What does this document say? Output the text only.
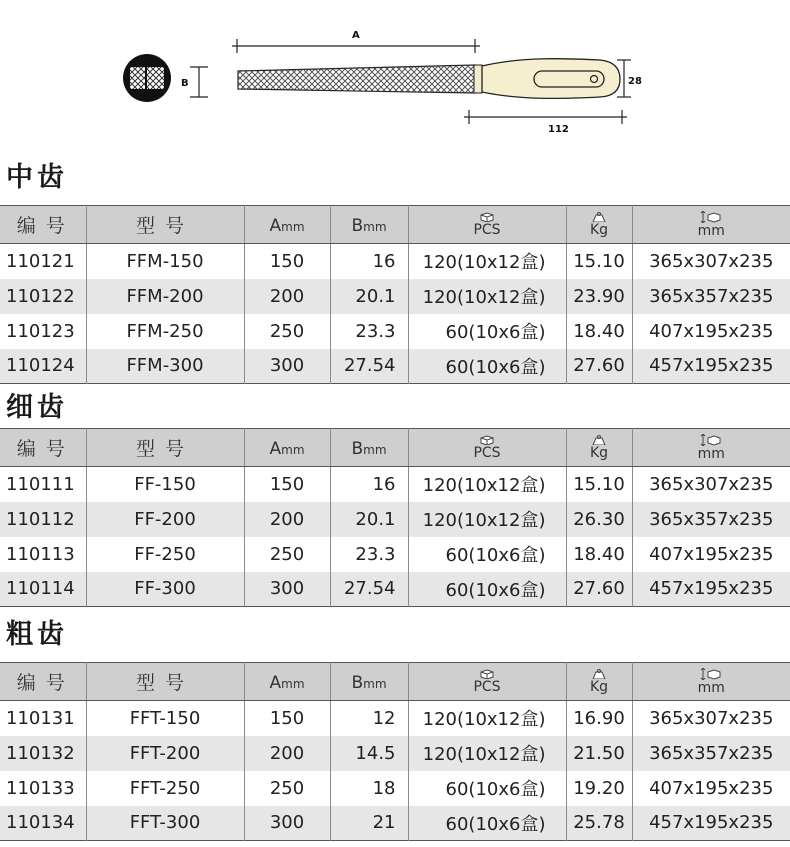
B
A
28
112
中齿
编号	型号	Amm	Bmm	PCS	Kg	mm

110121	FFM-150	150	16	120(10x12盒)	15.10	365x307x235
110122	FFM-200	200	20.1	120(10x12盒)	23.90	365x357x235
110123	FFM-250	250	23.3	60(10x6盒)	18.40	407x195x235
110124	FFM-300	300	27.54	60(10x6盒)	27.60	457x195x235
细齿
编号	型号	Amm	Bmm	PCS	Kg	mm

110111	FF-150	150	16	120(10x12盒)	15.10	365x307x235
110112	FF-200	200	20.1	120(10x12盒)	26.30	365x357x235
110113	FF-250	250	23.3	60(10x6盒)	18.40	407x195x235
110114	FF-300	300	27.54	60(10x6盒)	27.60	457x195x235
粗齿
编号	型号	Amm	Bmm	PCS	Kg	mm

110131	FFT-150	150	12	120(10x12盒)	16.90	365x307x235
110132	FFT-200	200	14.5	120(10x12盒)	21.50	365x357x235
110133	FFT-250	250	18	60(10x6盒)	19.20	407x195x235
110134	FFT-300	300	21	60(10x6盒)	25.78	457x195x235
